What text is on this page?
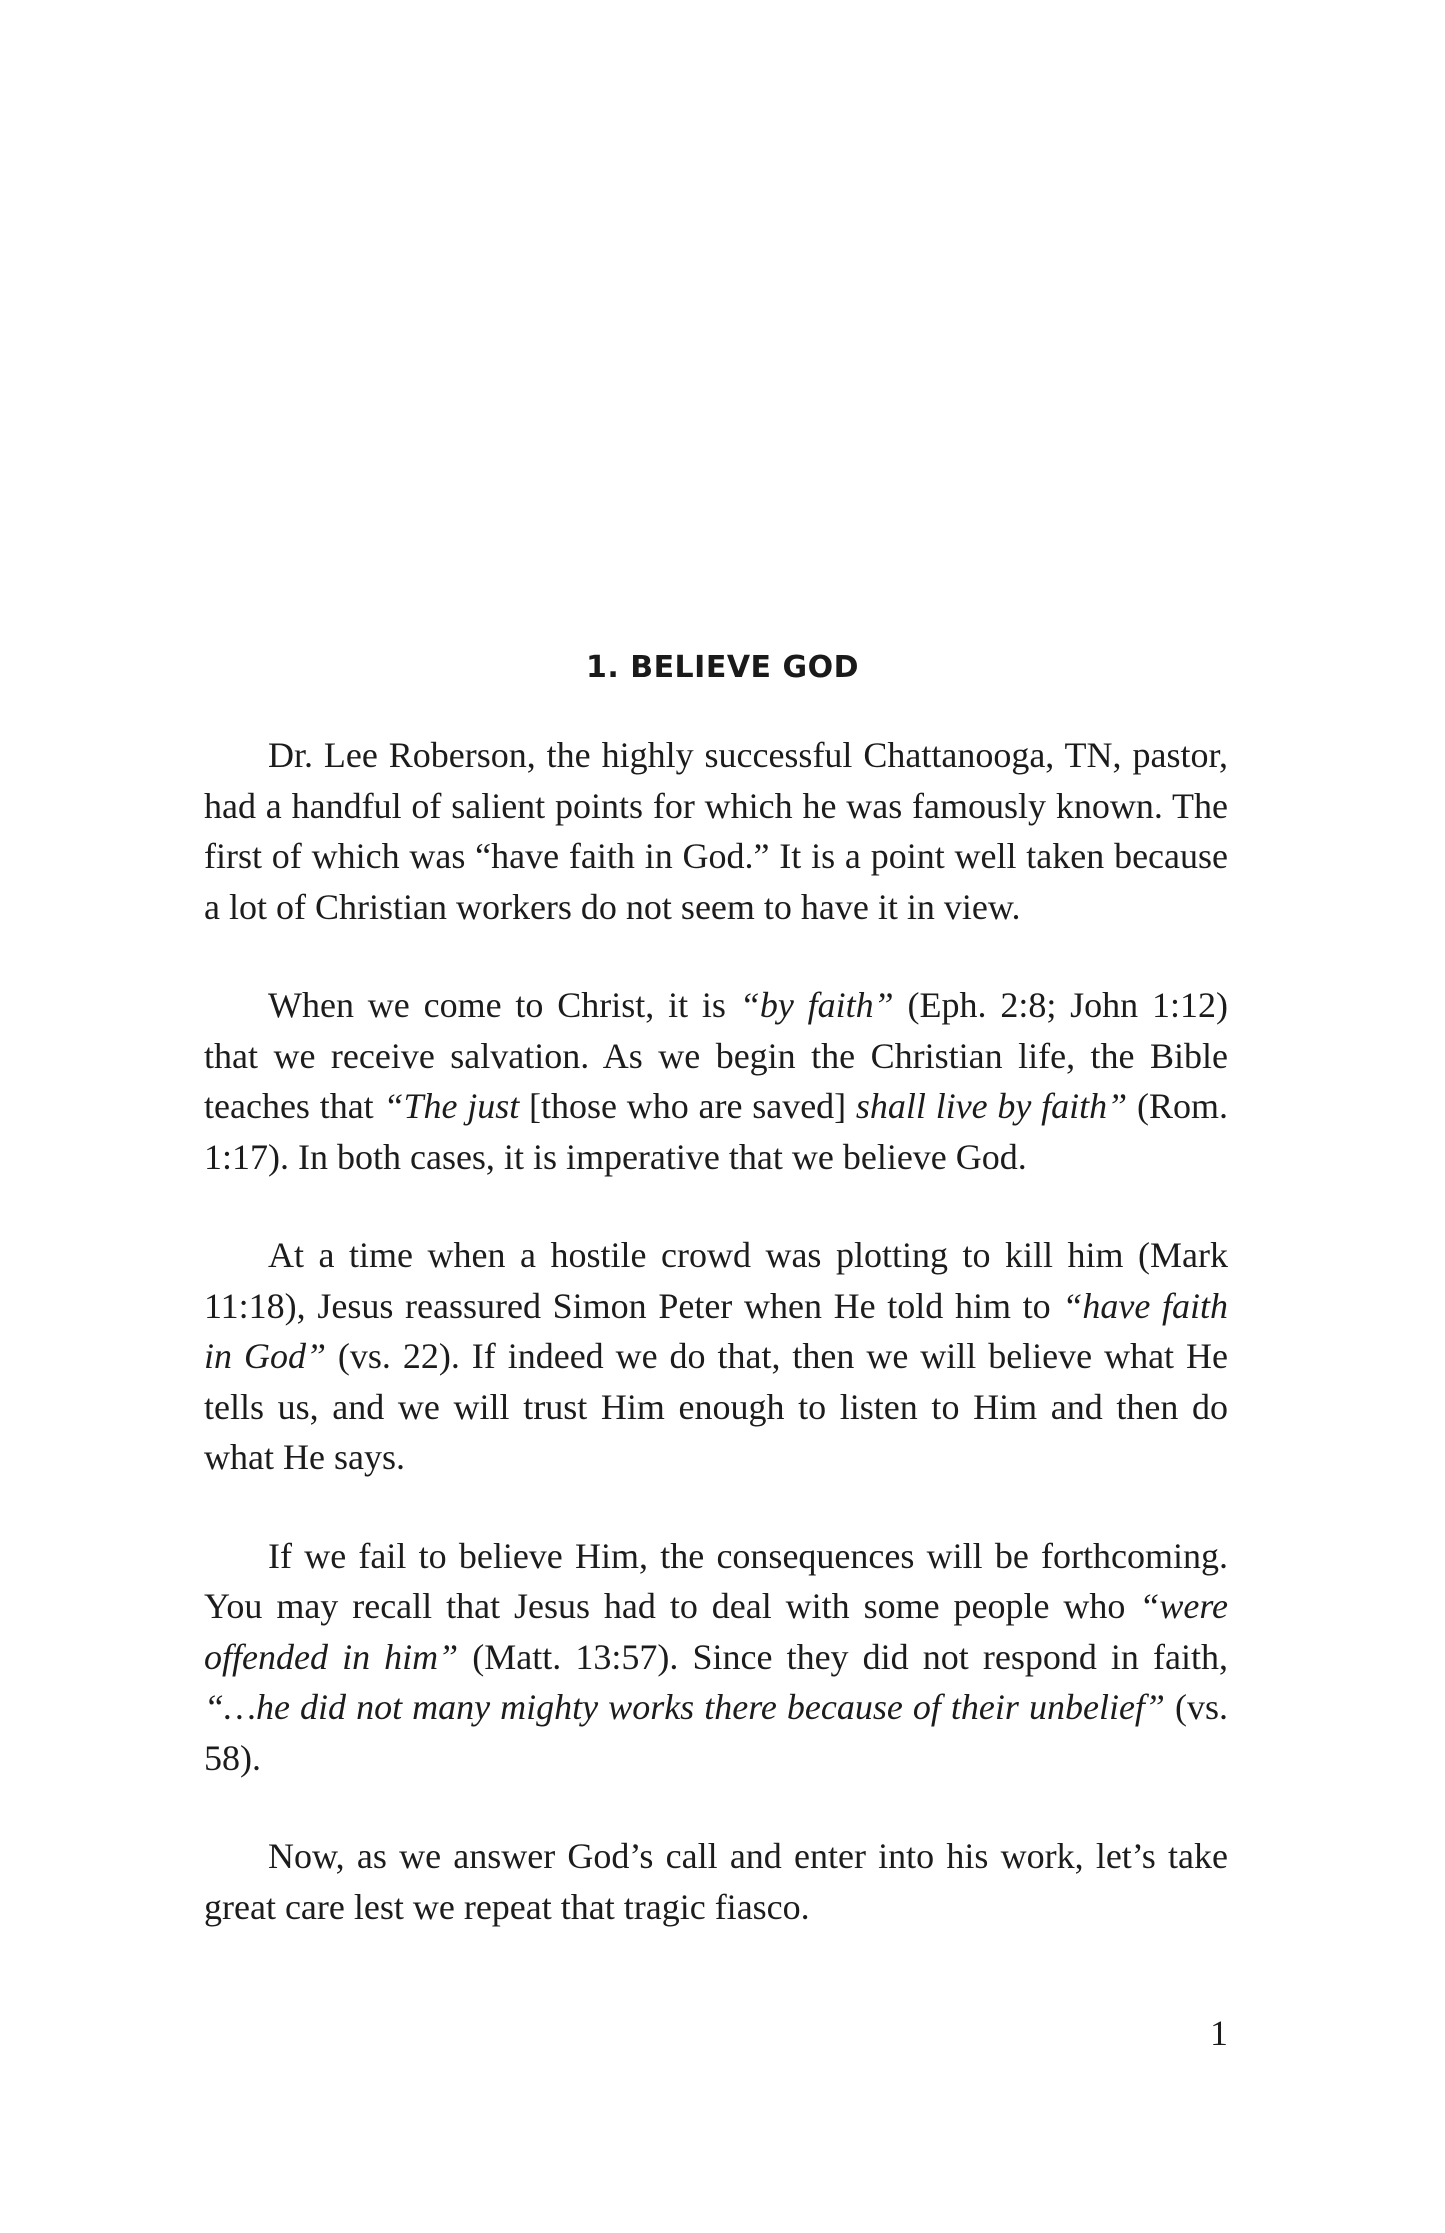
1. BELIEVE GOD

Dr. Lee Roberson, the highly successful Chattanooga, TN, pastor, had a handful of salient points for which he was famously known. The first of which was “have faith in God.” It is a point well taken because a lot of Christian workers do not seem to have it in view.

When we come to Christ, it is “by faith” (Eph. 2:8; John 1:12) that we receive salvation. As we begin the Christian life, the Bible teaches that “The just [those who are saved] shall live by faith” (Rom. 1:17). In both cases, it is imperative that we believe God.

At a time when a hostile crowd was plotting to kill him (Mark 11:18), Jesus reassured Simon Peter when He told him to “have faith in God” (vs. 22). If indeed we do that, then we will believe what He tells us, and we will trust Him enough to listen to Him and then do what He says.

If we fail to believe Him, the consequences will be forthcoming. You may recall that Jesus had to deal with some people who “were offended in him” (Matt. 13:57). Since they did not respond in faith, “…he did not many mighty works there because of their unbelief” (vs. 58).

Now, as we answer God’s call and enter into his work, let’s take great care lest we repeat that tragic fiasco.

1
